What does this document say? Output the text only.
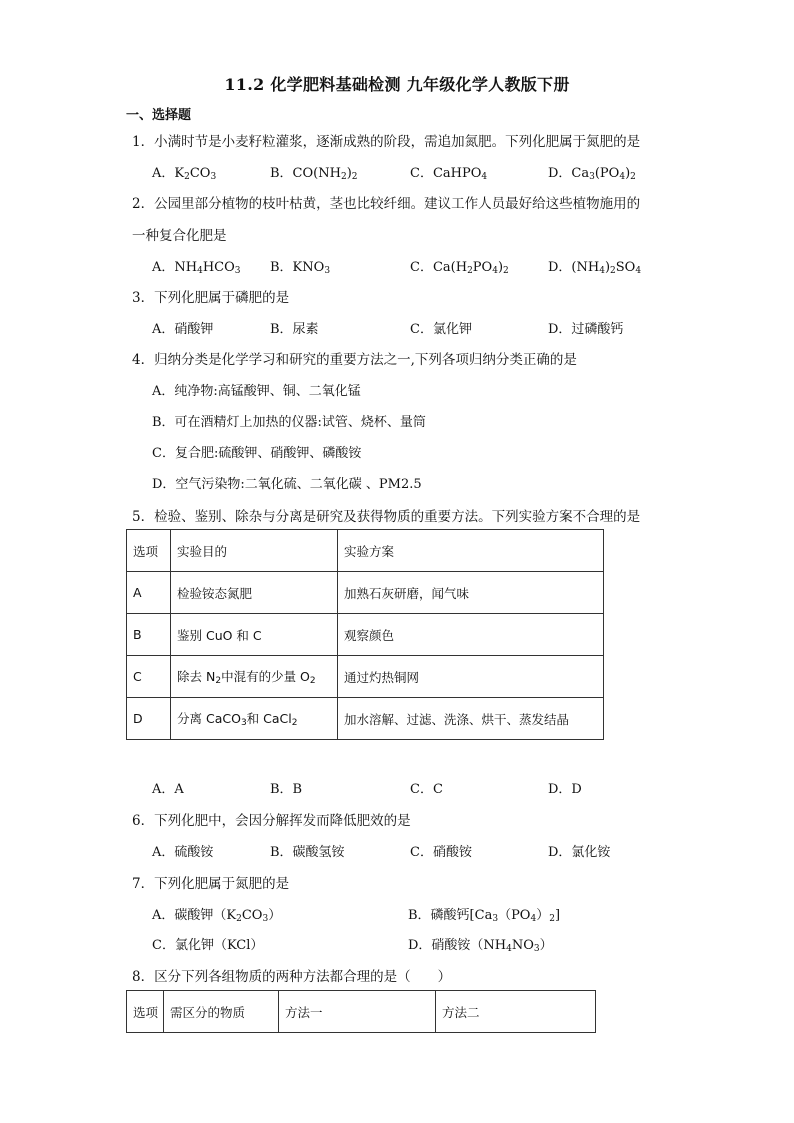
11.2 化学肥料基础检测 九年级化学人教版下册
一、选择题
1．小满时节是小麦籽粒灌浆，逐渐成熟的阶段，需追加氮肥。下列化肥属于氮肥的是
A．$K_2CO_3$	B．$CO(NH_2)_2$	C．CaHPO$_4$	D．$Ca_3(PO_4)_2$
2．公园里部分植物的枝叶枯黄，茎也比较纤细。建议工作人员最好给这些植物施用的
一种复合化肥是
A．$NH_4HCO_3$ B．$KNO_3$	C．$Ca(H_2PO_4)_2$	D．$(NH_4)_2SO_4$
3．下列化肥属于磷肥的是
A．硝酸钾	B．尿素	C．氯化钾	D．过磷酸钙
4．归纳分类是化学学习和研究的重要方法之一,下列各项归纳分类正确的是
A．纯净物:高锰酸钾、铜、二氧化锰
B．可在酒精灯上加热的仪器:试管、烧杯、量筒
C．复合肥:硫酸钾、硝酸钾、磷酸铵
D．空气污染物:二氧化硫、二氧化碳 、PM2.5
5．检验、鉴别、除杂与分离是研究及获得物质的重要方法。下列实验方案不合理的是
选项	实验目的	实验方案
A	检验铵态氮肥	加熟石灰研磨，闻气味
B	鉴别 CuO 和 C	观察颜色
C	除去 $N_2$中混有的少量 $O_2$	通过灼热铜网
D	分离 CaCO$_3$和 CaCl$_2$	加水溶解、过滤、洗涤、烘干、蒸发结晶
A．A	B．B	C．C	D．D
6．下列化肥中，会因分解挥发而降低肥效的是
A．硫酸铵	B．碳酸氢铵	C．硝酸铵	D．氯化铵
7．下列化肥属于氮肥的是
A．碳酸钾$(K_2CO_3)$	B．磷酸钙$[Ca_3(PO_4)_2]$
C．氯化钾（KCl）	D．硝酸铵$(NH_4NO_3)$
8．区分下列各组物质的两种方法都合理的是（　　）
选项	需区分的物质	方法一	方法二
